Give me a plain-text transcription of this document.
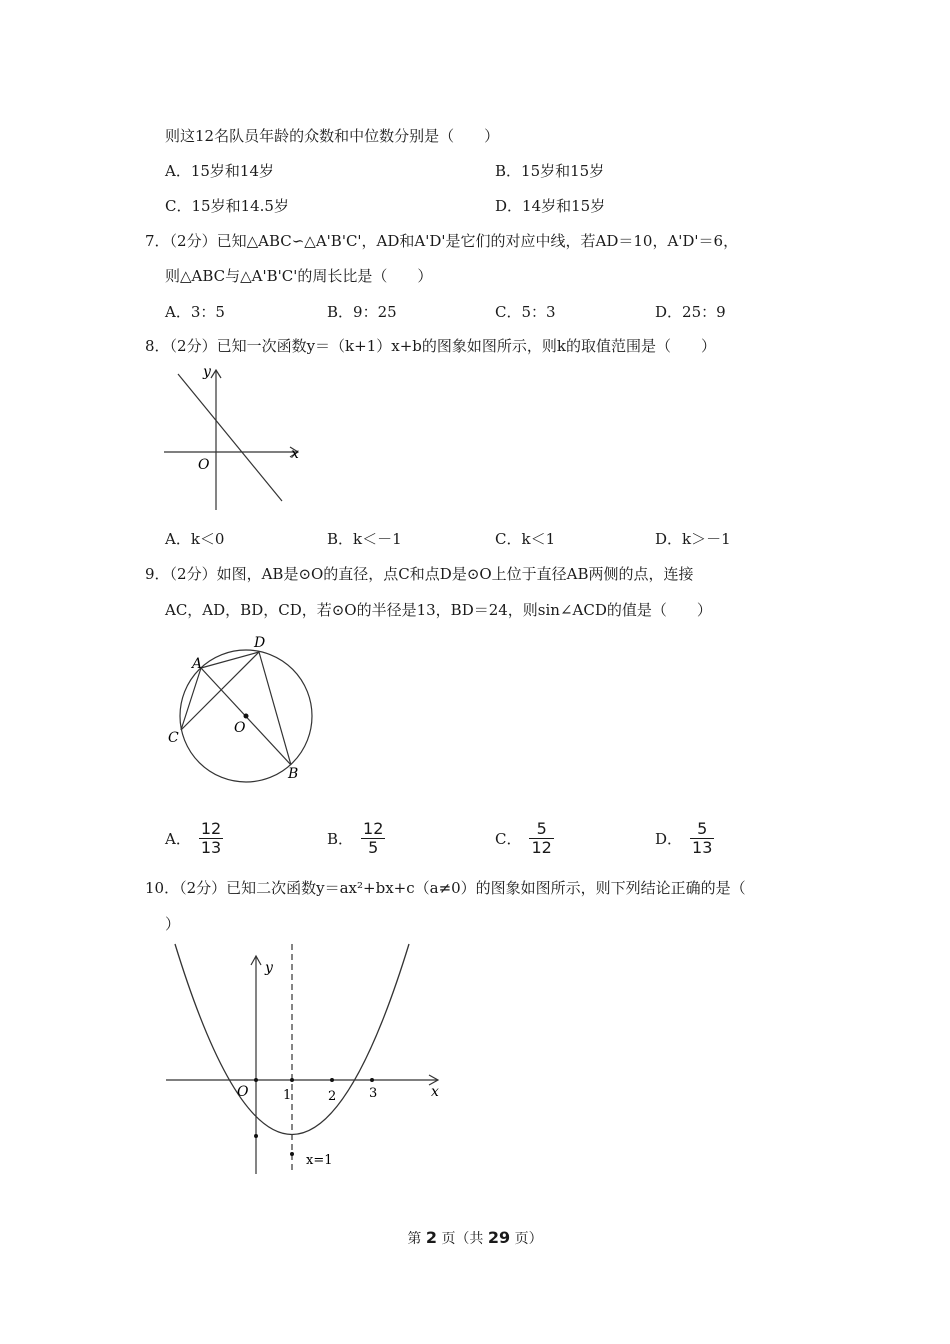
则这12名队员年龄的众数和中位数分别是（　　）
A．15岁和14岁	B．15岁和15岁
C．15岁和14.5岁	D．14岁和15岁
7．（2分）已知△ABC∽△A'B'C'，AD和A'D'是它们的对应中线，若AD＝10，A'D'＝6，
则△ABC与△A'B'C'的周长比是（　　）
A．3：5	B．9：25	C．5：3	D．25：9
8．（2分）已知一次函数y＝（k+1）x+b的图象如图所示，则k的取值范围是（　　）
y
x
O
A．k＜0	B．k＜－1	C．k＜1	D．k＞－1
9．（2分）如图，AB是⊙O的直径，点C和点D是⊙O上位于直径AB两侧的点，连接
AC，AD，BD，CD，若⊙O的半径是13，BD＝24，则sin∠ACD的值是（　　）
A
B
C
D
O
A．
12
13	B．
12
5	C．
5
12	D．
5
13
10．（2分）已知二次函数y＝ax²+bx+c（a≠0）的图象如图所示，则下列结论正确的是（
）
y
x
O	1	2	3
x=1
第 2 页（共 29 页）
